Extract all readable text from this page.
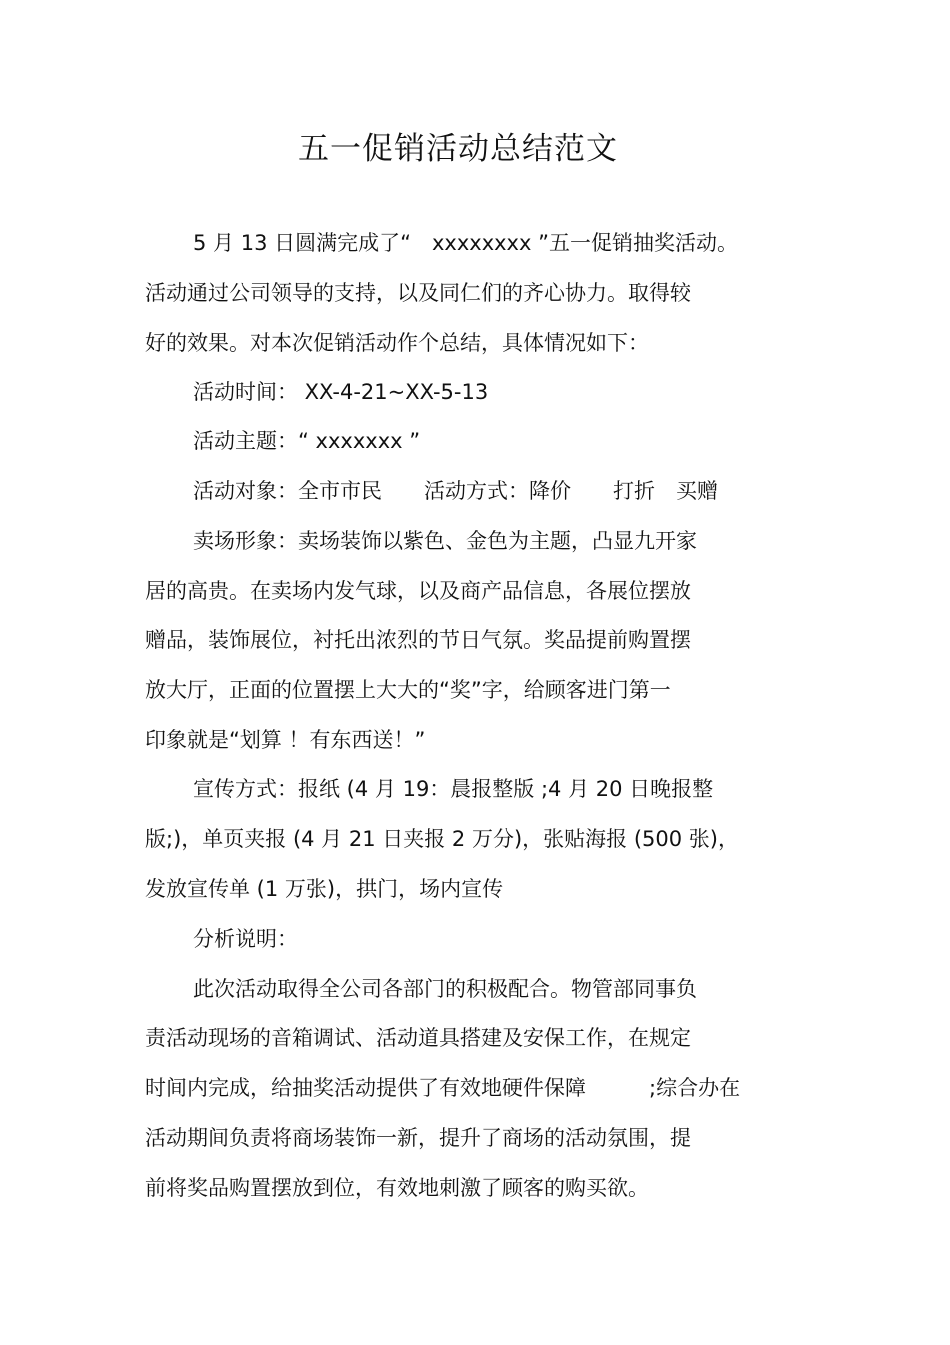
五一促销活动总结范文
5 月 13 日圆满完成了“　xxxxxxxx ”五一促销抽奖活动。
活动通过公司领导的支持，以及同仁们的齐心协力。取得较
好的效果。对本次促销活动作个总结，具体情况如下：
活动时间： XX-4-21~XX-5-13
活动主题：“ xxxxxxx ”
活动对象：全市市民　　活动方式：降价　　打折　买赠
卖场形象：卖场装饰以紫色、金色为主题，凸显九开家
居的高贵。在卖场内发气球，以及商产品信息，各展位摆放
赠品，装饰展位，衬托出浓烈的节日气氛。奖品提前购置摆
放大厅，正面的位置摆上大大的“奖”字，给顾客进门第一
印象就是“划算 ！有东西送！”
宣传方式：报纸 (4 月 19：晨报整版 ;4 月 20 日晚报整
版;)，单页夹报 (4 月 21 日夹报 2 万分)，张贴海报 (500 张)，
发放宣传单 (1 万张)，拱门，场内宣传
分析说明：
此次活动取得全公司各部门的积极配合。物管部同事负
责活动现场的音箱调试、活动道具搭建及安保工作，在规定
时间内完成，给抽奖活动提供了有效地硬件保障　　　;综合办在
活动期间负责将商场装饰一新，提升了商场的活动氛围，提
前将奖品购置摆放到位，有效地刺激了顾客的购买欲。
